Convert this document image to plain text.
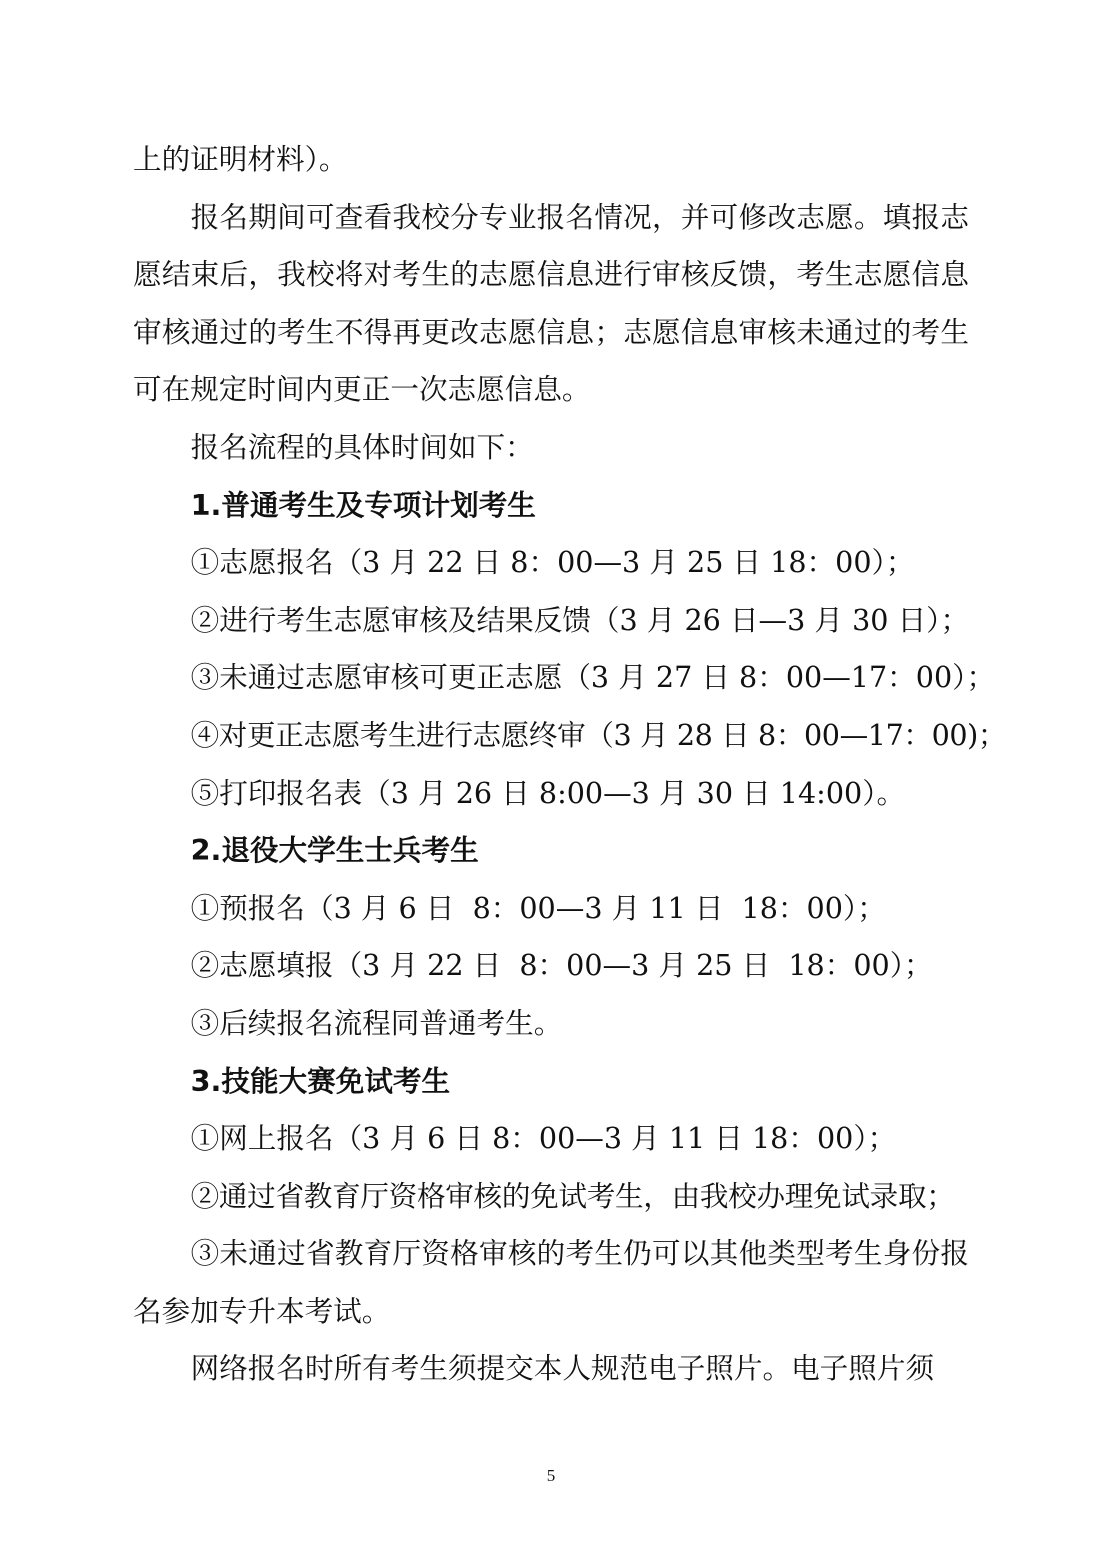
上的证明材料）。

报名期间可查看我校分专业报名情况，并可修改志愿。填报志愿结束后，我校将对考生的志愿信息进行审核反馈，考生志愿信息审核通过的考生不得再更改志愿信息；志愿信息审核未通过的考生可在规定时间内更正一次志愿信息。

报名流程的具体时间如下：

1.普通考生及专项计划考生

①志愿报名（3 月 22 日 8：00—3 月 25 日 18：00）；

②进行考生志愿审核及结果反馈（3 月 26 日—3 月 30 日）；

③未通过志愿审核可更正志愿（3 月 27 日 8：00—17：00）；

④对更正志愿考生进行志愿终审（3 月 28 日 8：00—17：00)；

⑤打印报名表（3 月 26 日 8:00—3 月 30 日 14:00）。

2.退役大学生士兵考生

①预报名（3 月 6 日  8：00—3 月 11 日  18：00）；

②志愿填报（3 月 22 日  8：00—3 月 25 日  18：00）；

③后续报名流程同普通考生。

3.技能大赛免试考生

①网上报名（3 月 6 日 8：00—3 月 11 日 18：00）；

②通过省教育厅资格审核的免试考生，由我校办理免试录取；

③未通过省教育厅资格审核的考生仍可以其他类型考生身份报名参加专升本考试。

网络报名时所有考生须提交本人规范电子照片。电子照片须

5
